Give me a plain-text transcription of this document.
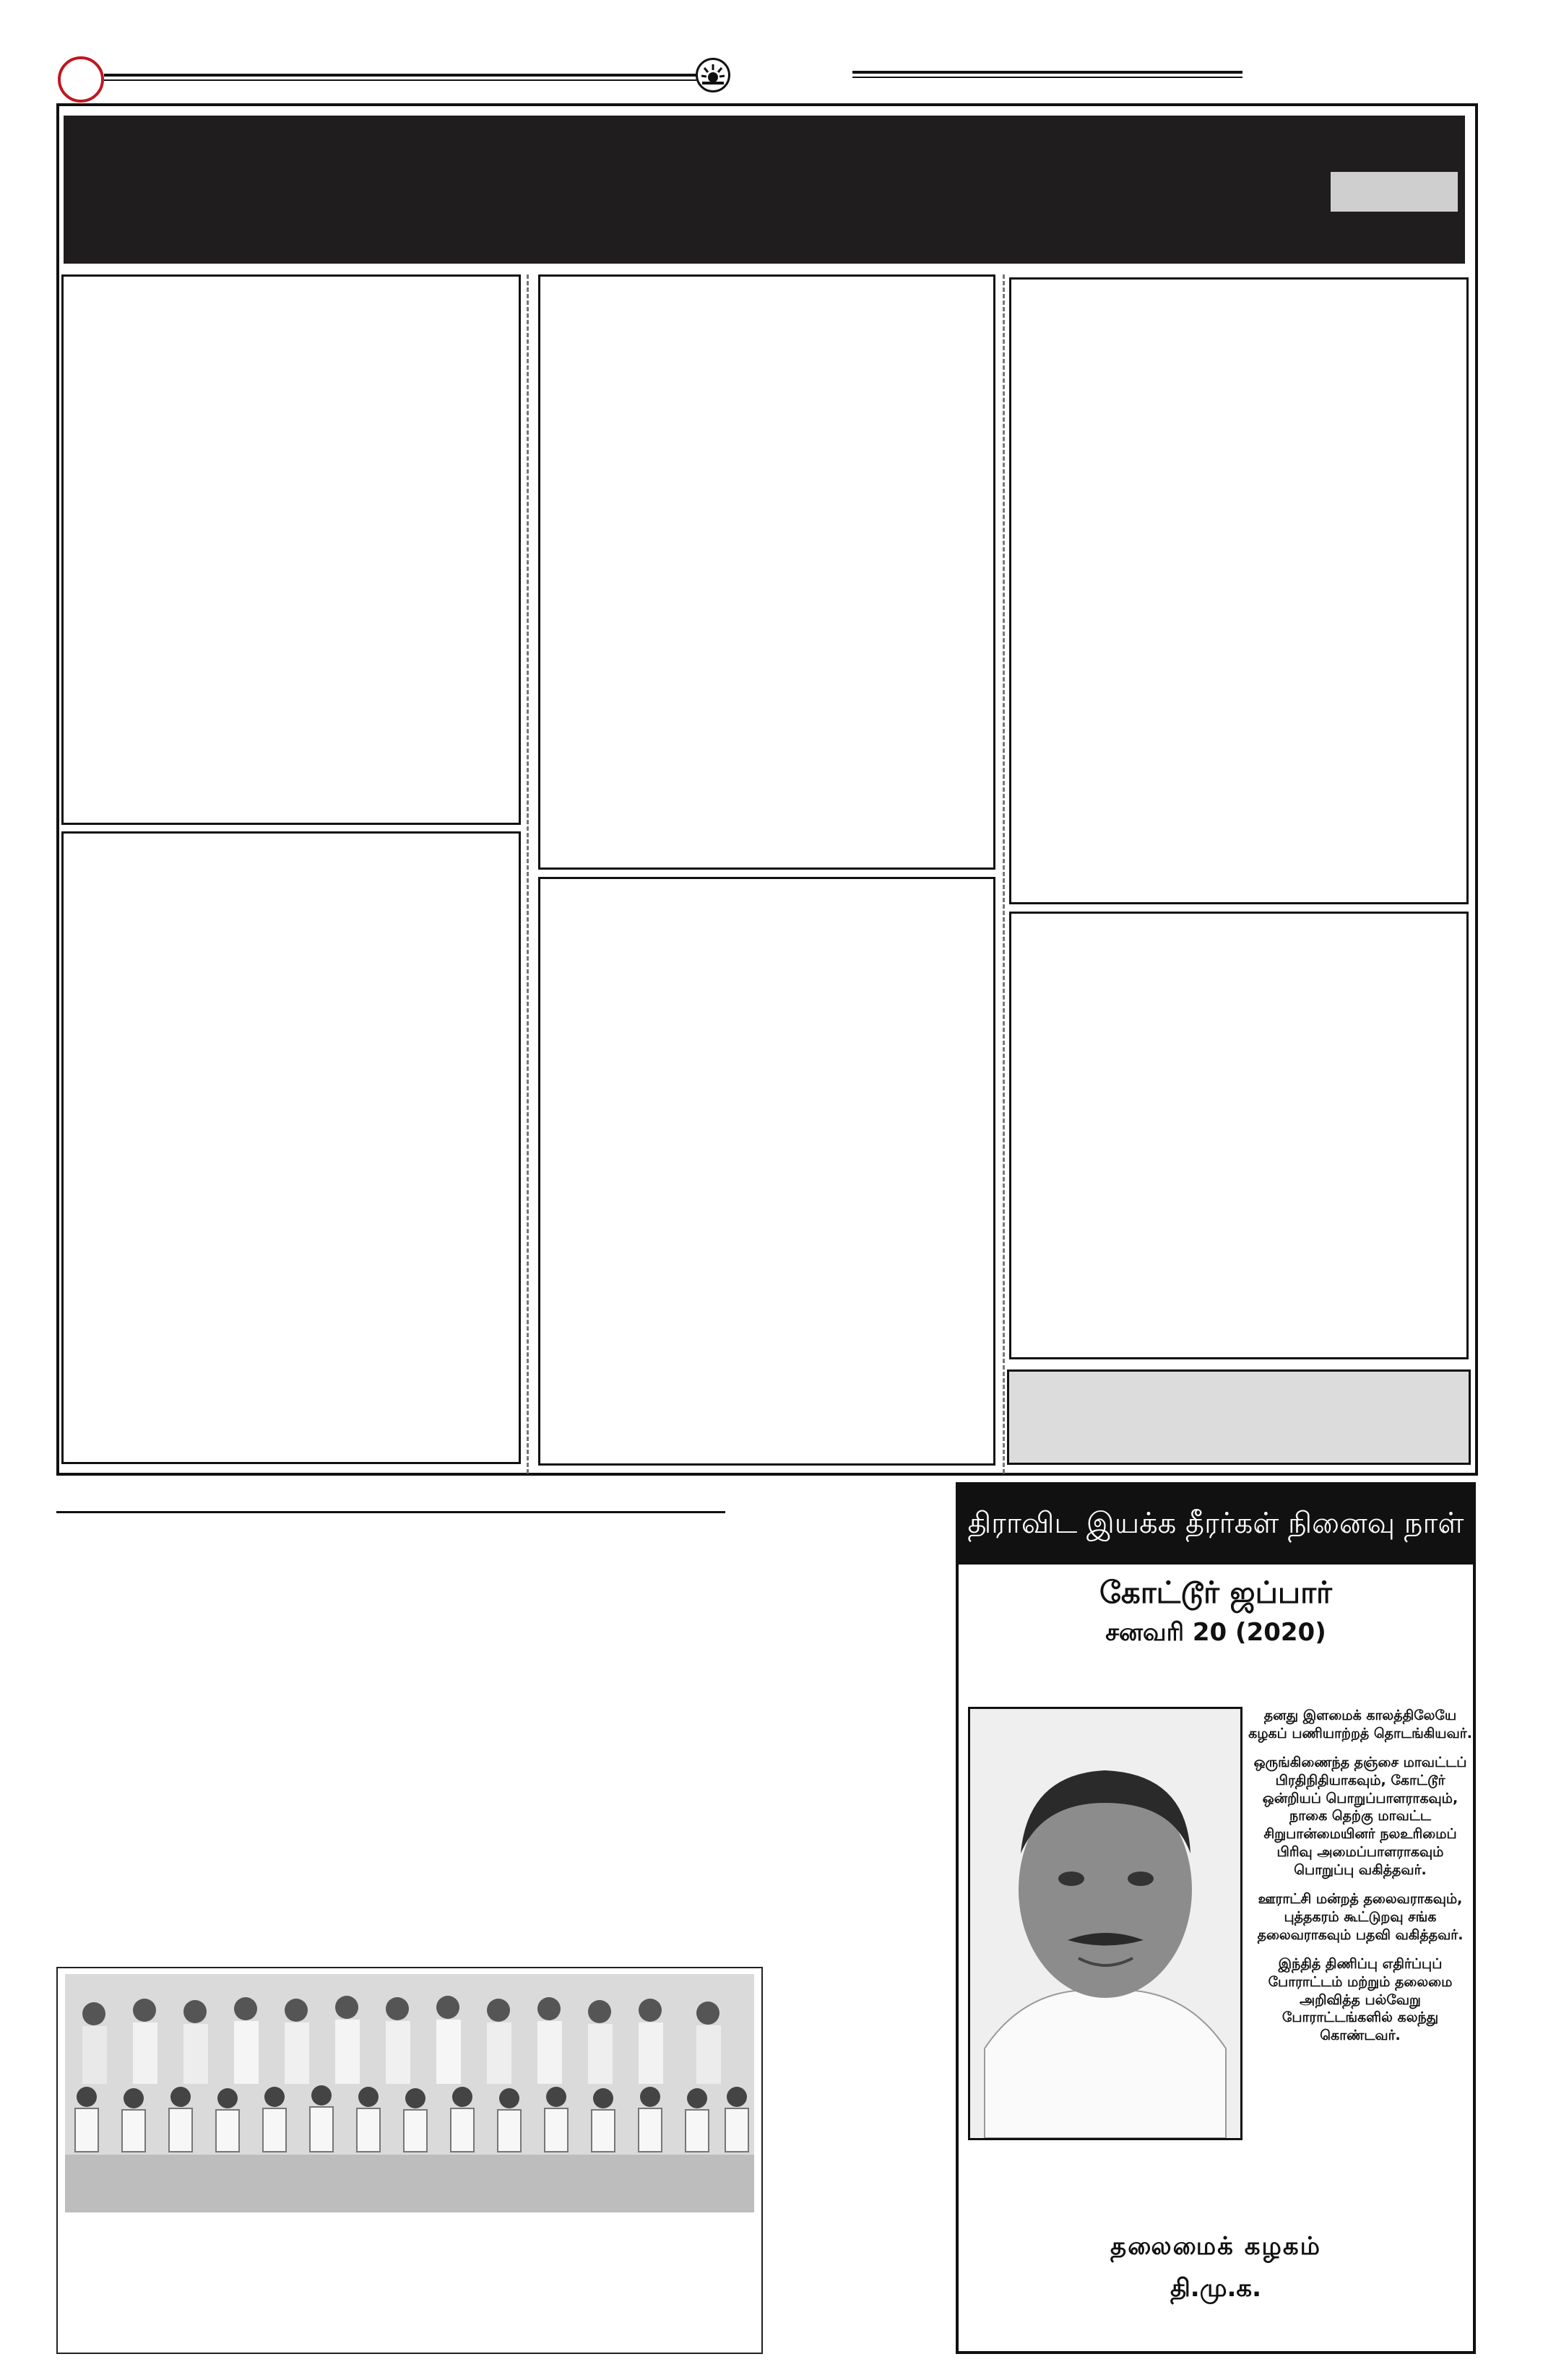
திராவிட இயக்க தீரர்கள் நினைவு நாள்
கோட்டூர் ஜப்பார்
சனவரி 20 (2020)

தனது இளமைக் காலத்திலேயே கழகப் பணியாற்றத் தொடங்கியவர்.

ஒருங்கிணைந்த தஞ்சை மாவட்டப் பிரதிநிதியாகவும், கோட்டூர் ஒன்றியப் பொறுப்பாளராகவும், நாகை தெற்கு மாவட்ட சிறுபான்மையினர் நலஉரிமைப் பிரிவு அமைப்பாளராகவும் பொறுப்பு வகித்தவர்.

ஊராட்சி மன்றத் தலைவராகவும், புத்தகரம் கூட்டுறவு சங்க தலைவராகவும் பதவி வகித்தவர்.

இந்தித் திணிப்பு எதிர்ப்புப் போராட்டம் மற்றும் தலைமை அறிவித்த பல்வேறு போராட்டங்களில் கலந்து கொண்டவர்.

தலைமைக் கழகம்
தி.மு.க.
